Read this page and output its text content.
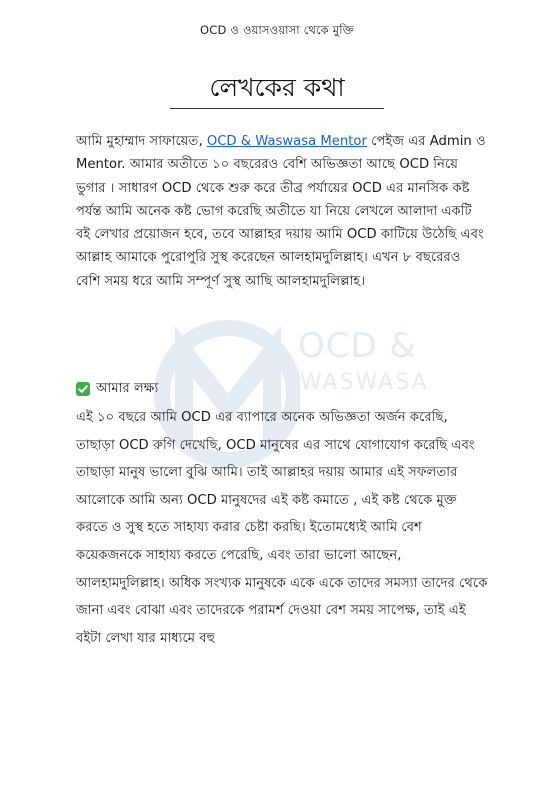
OCD &
WASWASA
OCD ও ওয়াসওয়াসা থেকে মুক্তি
লেখকের কথা

আমি মুহাম্মাদ সাফায়েত, OCD & Waswasa Mentor পেইজ এর Admin ও Mentor. আমার অতীতে ১০ বছরেরও বেশি অভিজ্ঞতা আছে OCD নিয়ে ভুগার । সাধারণ OCD থেকে শুরু করে তীব্র পর্যায়ের OCD এর মানসিক কষ্ট পর্যন্ত আমি অনেক কষ্ট ভোগ করেছি অতীতে যা নিয়ে লেখলে আলাদা একটি বই লেখার প্রয়োজন হবে, তবে আল্লাহর দয়ায় আমি OCD কাটিয়ে উঠেছি এবং আল্লাহ আমাকে পুরোপুরি সুস্থ করেছেন আলহামদুলিল্লাহ। এখন ৮ বছরেরও বেশি সময় ধরে আমি সম্পূর্ণ সুস্থ আছি আলহামদুলিল্লাহ।

আমার লক্ষ্য

এই ১০ বছরে আমি OCD এর ব্যাপারে অনেক অভিজ্ঞতা অর্জন করেছি, তাছাড়া OCD রুগি দেখেছি, OCD মানুষের এর সাথে যোগাযোগ করেছি এবং তাছাড়া মানুষ ভালো বুঝি আমি। তাই আল্লাহর দয়ায় আমার এই সফলতার আলোকে আমি অন্য OCD মানুষদের এই কষ্ট কমাতে , এই কষ্ট থেকে মুক্ত করতে ও সুস্থ হতে সাহায্য করার চেষ্টা করছি। ইতোমধ্যেই আমি বেশ কয়েকজনকে সাহায্য করতে পেরেছি, এবং তারা ভালো আছেন, আলহামদুলিল্লাহ। অধিক সংখ্যক মানুষকে একে একে তাদের সমস্যা তাদের থেকে জানা এবং বোঝা এবং তাদেরকে পরামর্শ দেওয়া বেশ সময় সাপেক্ষ, তাই এই বইটা লেখা যার মাধ্যমে বহু
